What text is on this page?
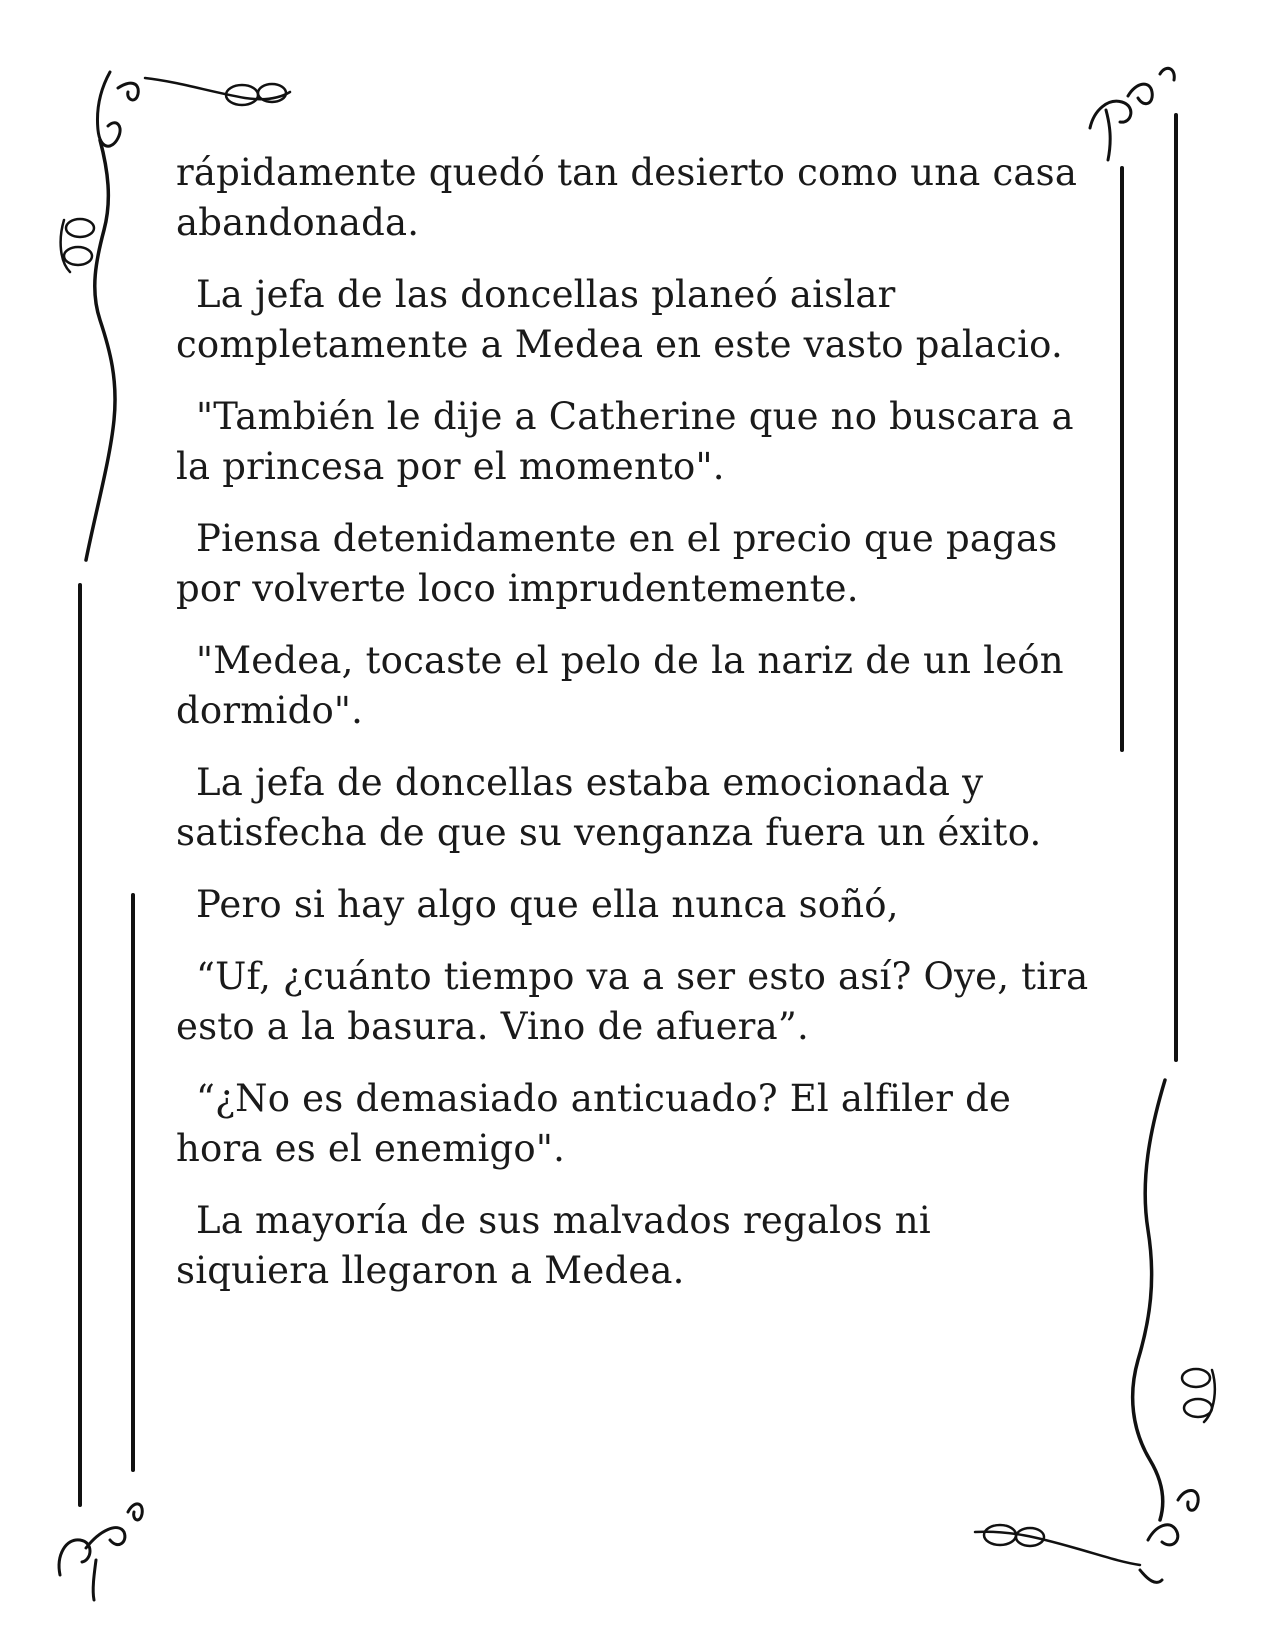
rápidamente quedó tan desierto como una casa abandonada.

La jefa de las doncellas planeó aislar completamente a Medea en este vasto palacio.

"También le dije a Catherine que no buscara a la princesa por el momento".

Piensa detenidamente en el precio que pagas por volverte loco imprudentemente.

"Medea, tocaste el pelo de la nariz de un león dormido".

La jefa de doncellas estaba emocionada y satisfecha de que su venganza fuera un éxito.

Pero si hay algo que ella nunca soñó,

“Uf, ¿cuánto tiempo va a ser esto así? Oye, tira esto a la basura. Vino de afuera”.

“¿No es demasiado anticuado? El alfiler de hora es el enemigo".

La mayoría de sus malvados regalos ni siquiera llegaron a Medea.
